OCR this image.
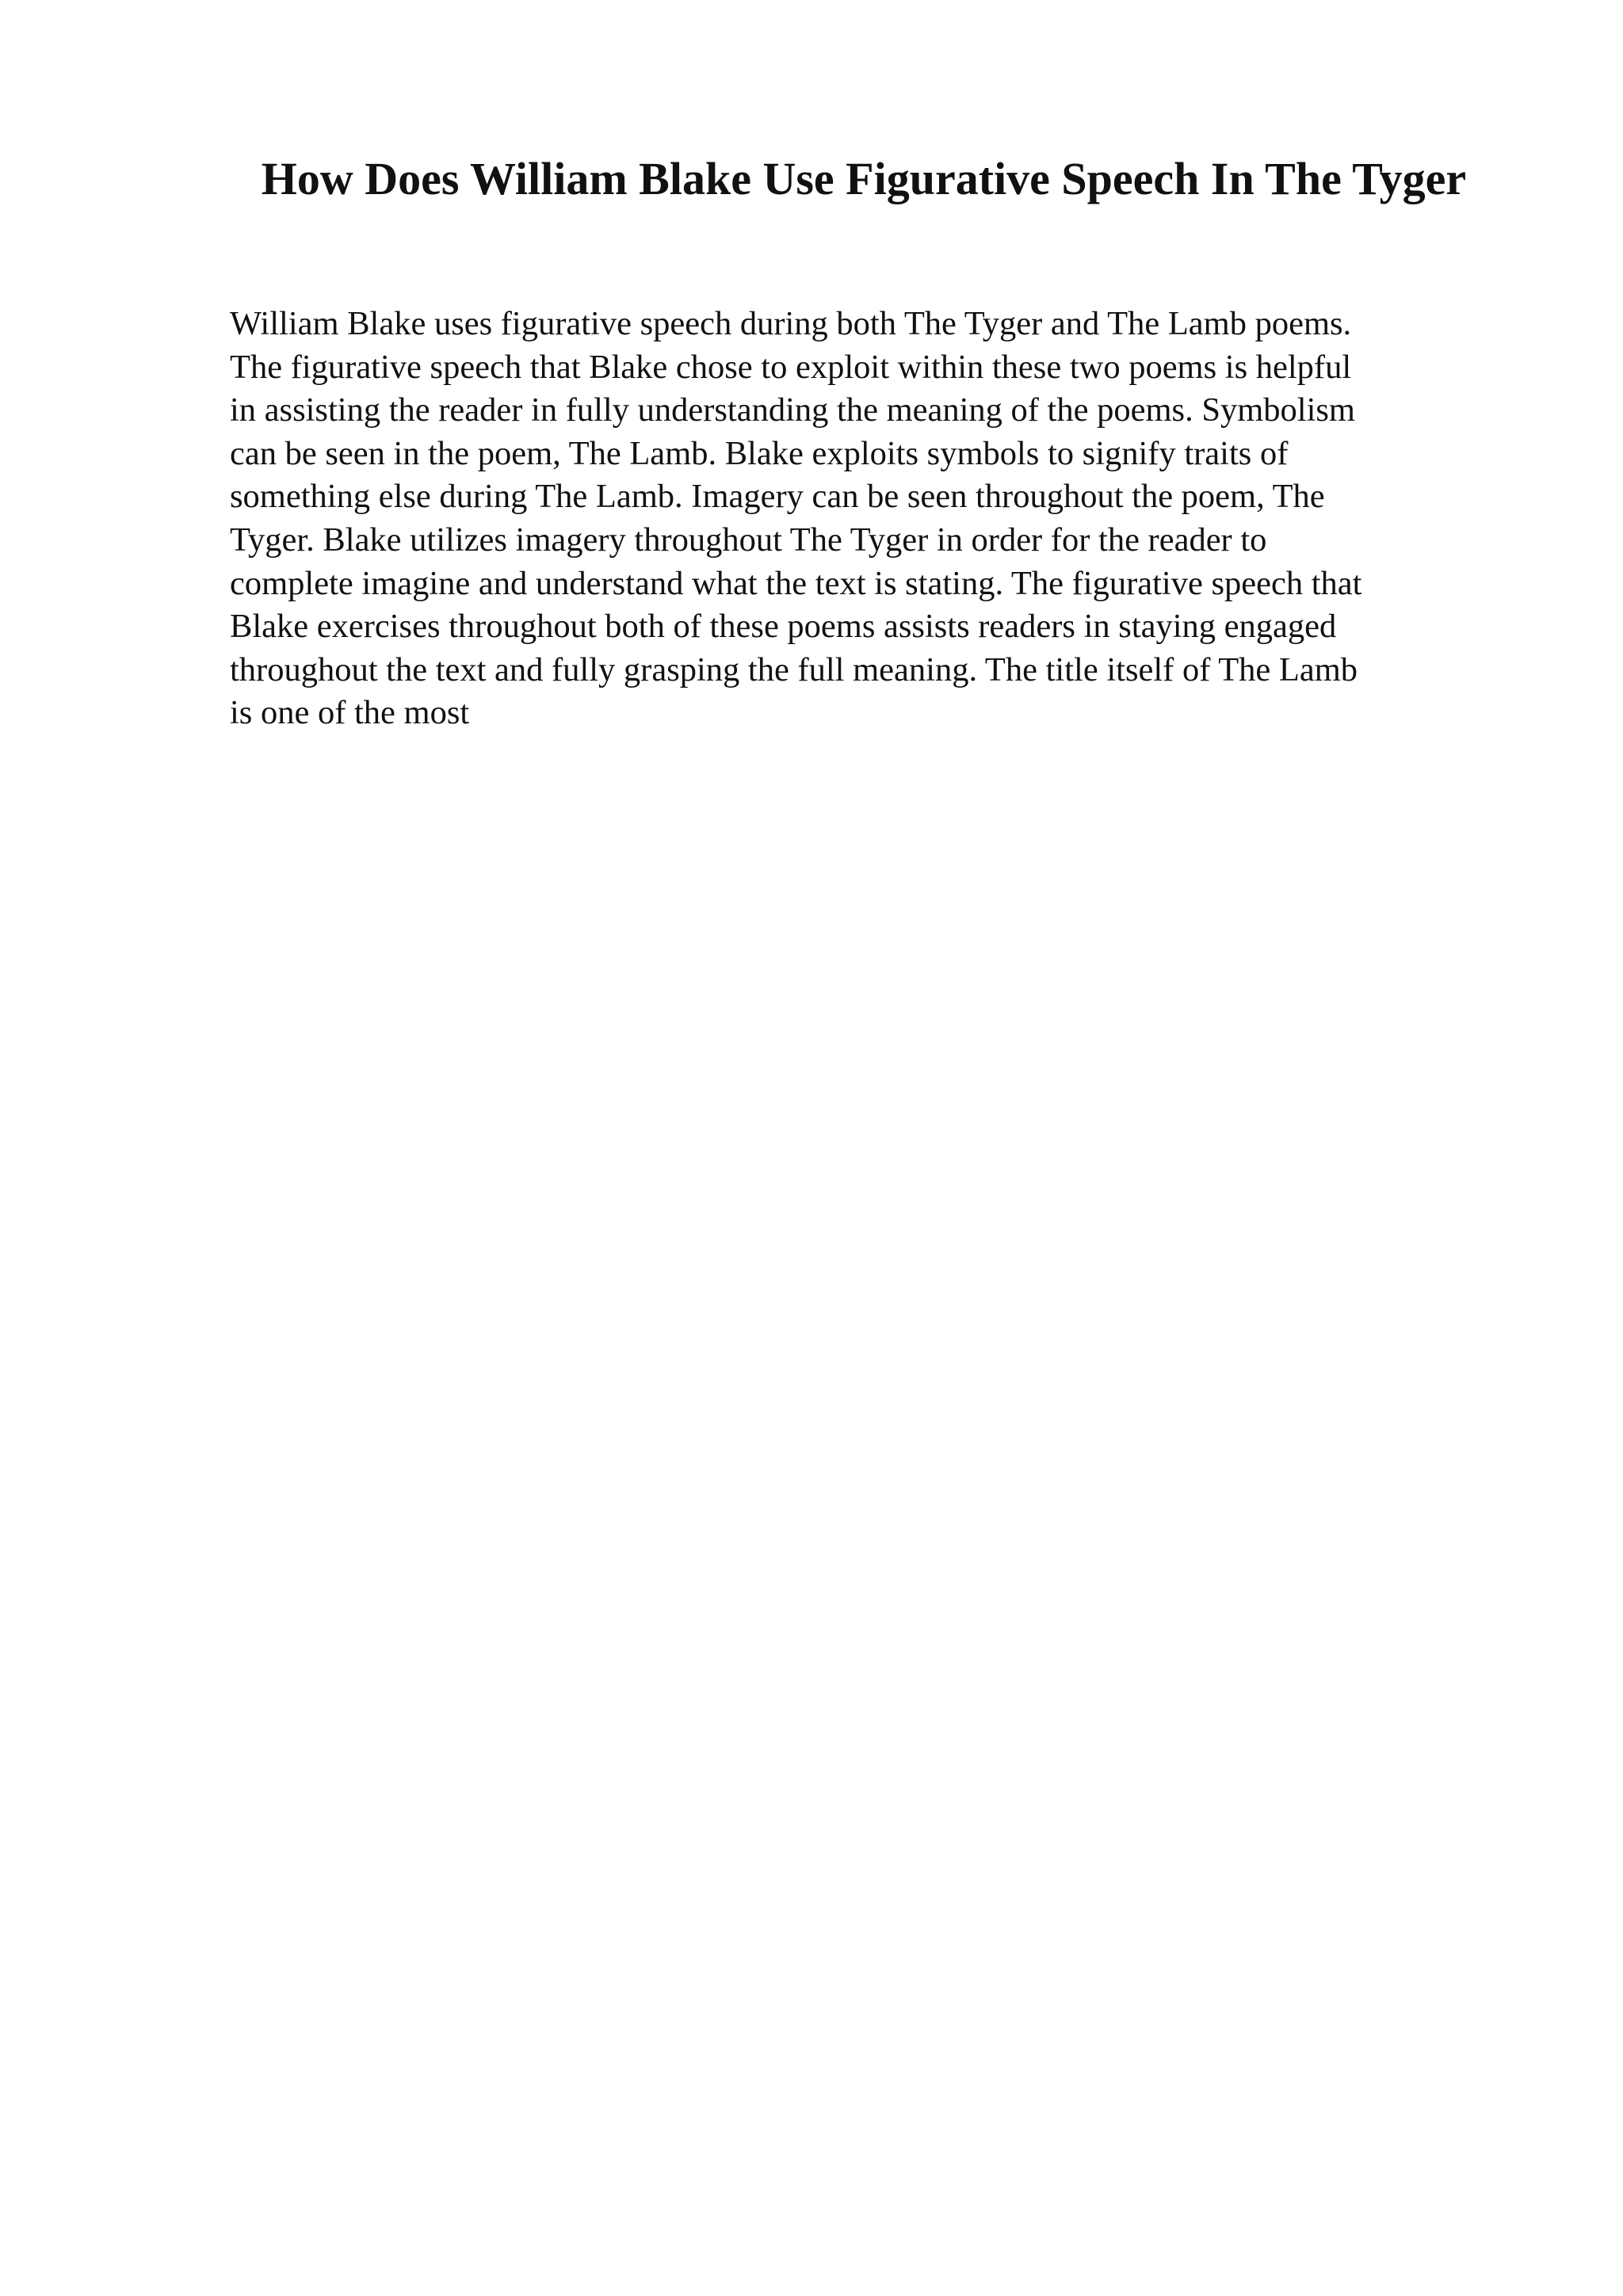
How Does William Blake Use Figurative Speech In The Tyger
William Blake uses figurative speech during both The Tyger and The Lamb poems.
The figurative speech that Blake chose to exploit within these two poems is helpful
in assisting the reader in fully understanding the meaning of the poems. Symbolism
can be seen in the poem, The Lamb. Blake exploits symbols to signify traits of
something else during The Lamb. Imagery can be seen throughout the poem, The
Tyger. Blake utilizes imagery throughout The Tyger in order for the reader to
complete imagine and understand what the text is stating. The figurative speech that
Blake exercises throughout both of these poems assists readers in staying engaged
throughout the text and fully grasping the full meaning. The title itself of The Lamb
is one of the most
